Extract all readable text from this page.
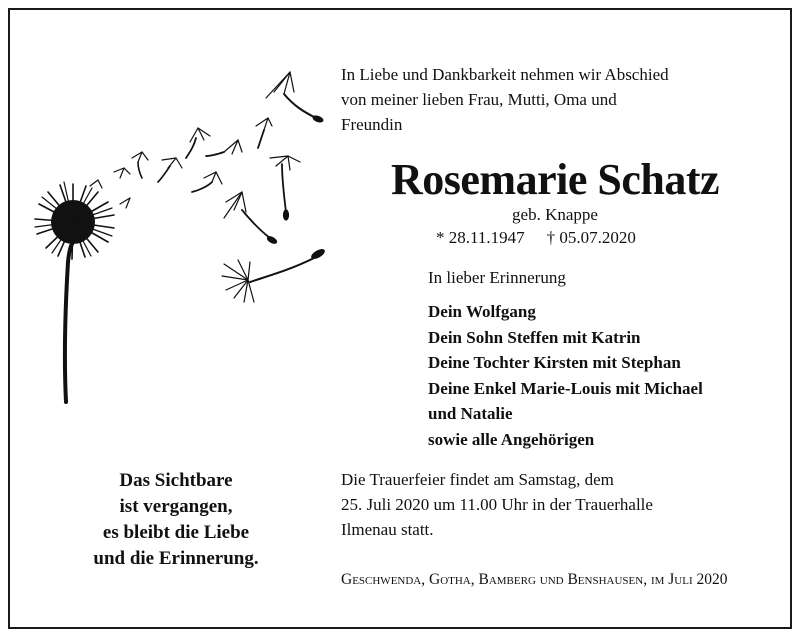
In Liebe und Dankbarkeit nehmen wir Abschied
von meiner lieben Frau, Mutti, Oma und
Freundin
Rosemarie Schatz
geb. Knappe
* 28.11.1947 † 05.07.2020
In lieber Erinnerung
Dein Wolfgang
Dein Sohn Steffen mit Katrin
Deine Tochter Kirsten mit Stephan
Deine Enkel Marie-Louis mit Michael
und Natalie
sowie alle Angehörigen
Das Sichtbare
ist vergangen,
es bleibt die Liebe
und die Erinnerung.
Die Trauerfeier findet am Samstag, dem
25. Juli 2020 um 11.00 Uhr in der Trauerhalle
Ilmenau statt.
Geschwenda, Gotha, Bamberg und Benshausen, im Juli 2020
